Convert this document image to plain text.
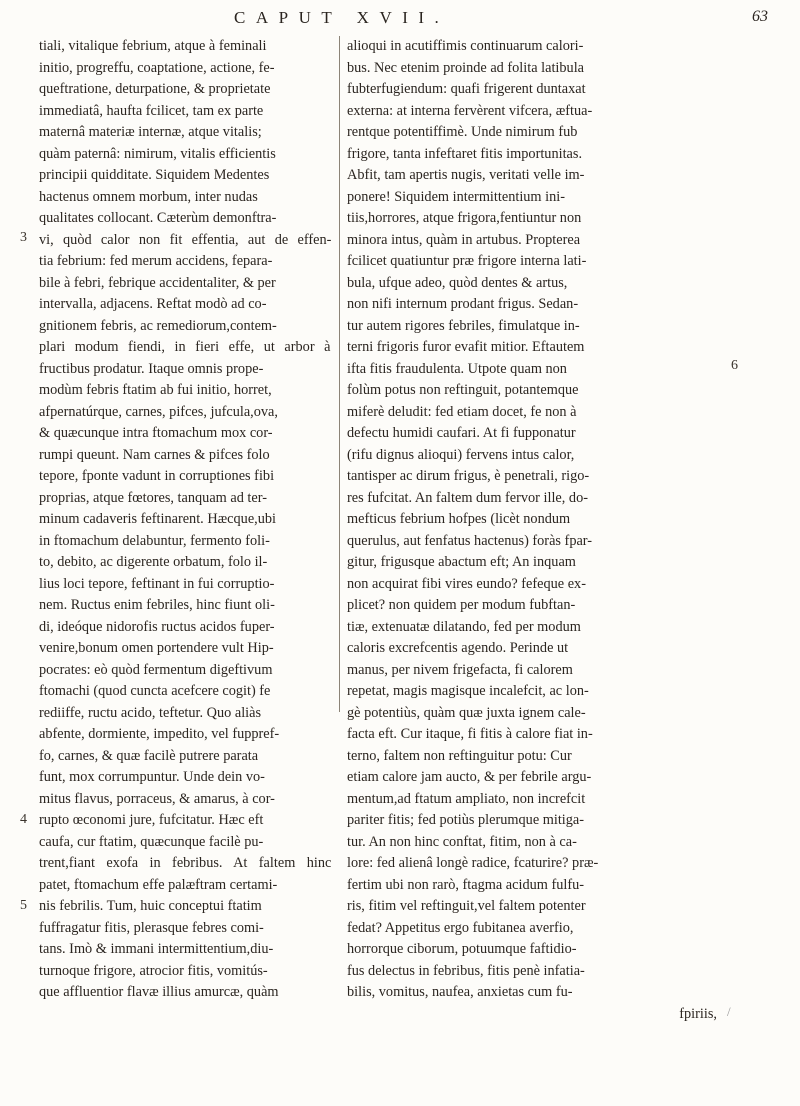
CAPUT XVII.	63
tiali, vitalique febrium, atque à feminali
initio, progreffu, coaptatione, actione, fe-
queftratione, deturpatione, & proprietate
immediatâ, haufta fcilicet, tam ex parte
maternâ materiæ internæ, atque vitalis;
quàm paternâ: nimirum, vitalis efficientis
principii quidditate. Siquidem Medentes
hactenus omnem morbum, inter nudas
qualitates collocant. Cæterùm demonftra-
vi, quòd calor non fit effentia, aut de effen-
tia febrium: fed merum accidens, fepara-
bile à febri, febrique accidentaliter, & per
intervalla, adjacens. Reftat modò ad co-
gnitionem febris, ac remediorum,contem-
plari modum fiendi, in fieri effe, ut arbor à
fructibus prodatur. Itaque omnis prope-
modùm febris ftatim ab fui initio, horret,
afpernatúrque, carnes, pifces, jufcula,ova,
& quæcunque intra ftomachum mox cor-
rumpi queunt. Nam carnes & pifces folo
tepore, fponte vadunt in corruptiones fibi
proprias, atque fœtores, tanquam ad ter-
minum cadaveris feftinarent. Hæcque,ubi
in ftomachum delabuntur, fermento foli-
to, debito, ac digerente orbatum, folo il-
lius loci tepore, feftinant in fui corruptio-
nem. Ructus enim febriles, hinc fiunt oli-
di, ideóque nidorofis ructus acidos fuper-
venire,bonum omen portendere vult Hip-
pocrates: eò quòd fermentum digeftivum
ftomachi (quod cuncta acefcere cogit) fe
rediiffe, ructu acido, teftetur. Quo aliàs
abfente, dormiente, impedito, vel fuppref-
fo, carnes, & quæ facilè putrere parata
funt, mox corrumpuntur. Unde dein vo-
mitus flavus, porraceus, & amarus, à cor-
rupto œconomi jure, fufcitatur. Hæc eft
caufa, cur ftatim, quæcunque facilè pu-
trent,fiant exofa in febribus. At faltem hinc
patet, ftomachum effe palæftram certami-
nis febrilis. Tum, huic conceptui ftatim
fuffragatur fitis, plerasque febres comi-
tans. Imò & immani intermittentium,diu-
turnoque frigore, atrocior fitis, vomitús-
que affluentior flavæ illius amurcæ, quàm
alioqui in acutiffimis continuarum calori-
bus. Nec etenim proinde ad folita latibula
fubterfugiendum: quafi frigerent duntaxat
externa: at interna fervèrent vifcera, æftua-
rentque potentiffimè. Unde nimirum fub
frigore, tanta infeftaret fitis importunitas.
Abfit, tam apertis nugis, veritati velle im-
ponere! Siquidem intermittentium ini-
tiis,horrores, atque frigora,fentiuntur non
minora intus, quàm in artubus. Propterea
fcilicet quatiuntur præ frigore interna lati-
bula, ufque adeo, quòd dentes & artus,
non nifi internum prodant frigus. Sedan-
tur autem rigores febriles, fimulatque in-
terni frigoris furor evafit mitior. Eftautem
ifta fitis fraudulenta. Utpote quam non
folùm potus non reftinguit, potantemque
miferè deludit: fed etiam docet, fe non à
defectu humidi caufari. At fi fupponatur
(rifu dignus alioqui) fervens intus calor,
tantisper ac dirum frigus, è penetrali, rigo-
res fufcitat. An faltem dum fervor ille, do-
mefticus febrium hofpes (licèt nondum
querulus, aut fenfatus hactenus) foràs fpar-
gitur, frigusque abactum eft; An inquam
non acquirat fibi vires eundo? fefeque ex-
plicet? non quidem per modum fubftan-
tiæ, extenuatæ dilatando, fed per modum
caloris excrefcentis agendo. Perinde ut
manus, per nivem frigefacta, fi calorem
repetat, magis magisque incalefcit, ac lon-
gè potentiùs, quàm quæ juxta ignem cale-
facta eft. Cur itaque, fi fitis à calore fiat in-
terno, faltem non reftinguitur potu: Cur
etiam calore jam aucto, & per febrile argu-
mentum,ad ftatum ampliato, non increfcit
pariter fitis; fed potiùs plerumque mitiga-
tur. An non hinc conftat, fitim, non à ca-
lore: fed alienâ longè radice, fcaturire? præ-
fertim ubi non rarò, ftagma acidum fulfu-
ris, fitim vel reftinguit,vel faltem potenter
fedat? Appetitus ergo fubitanea averfio,
horrorque ciborum, potuumque faftidio-
fus delectus in febribus, fitis penè infatia-
bilis, vomitus, naufea, anxietas cum fu-
fpiriis,
3
4
5
6
/
